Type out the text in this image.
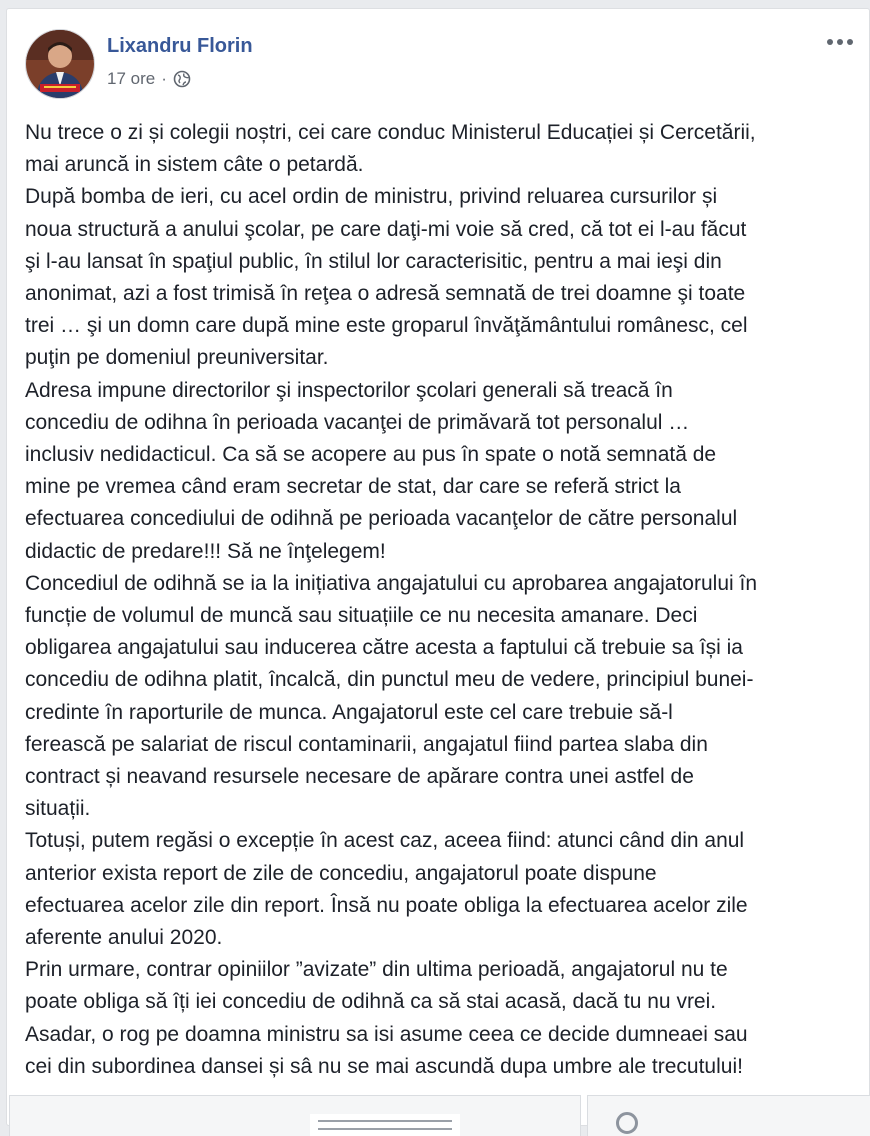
Lixandru Florin
17 ore ·

Nu trece o zi și colegii noștri, cei care conduc Ministerul Educației și Cercetării,

mai aruncă in sistem câte o petardă.

După bomba de ieri, cu acel ordin de ministru, privind reluarea cursurilor și

noua structură a anului şcolar, pe care daţi-mi voie să cred, că tot ei l-au făcut

şi l-au lansat în spaţiul public, în stilul lor caracterisitic, pentru a mai ieşi din

anonimat, azi a fost trimisă în reţea o adresă semnată de trei doamne şi toate

trei … şi un domn care după mine este groparul învăţământului românesc, cel

puţin pe domeniul preuniversitar.

Adresa impune directorilor şi inspectorilor şcolari generali să treacă în

concediu de odihna în perioada vacanţei de primăvară tot personalul …

inclusiv nedidacticul. Ca să se acopere au pus în spate o notă semnată de

mine pe vremea când eram secretar de stat, dar care se referă strict la

efectuarea concediului de odihnă pe perioada vacanţelor de către personalul

didactic de predare!!! Să ne înţelegem!

Concediul de odihnă se ia la inițiativa angajatului cu aprobarea angajatorului în

funcție de volumul de muncă sau situațiile ce nu necesita amanare. Deci

obligarea angajatului sau inducerea către acesta a faptului că trebuie sa își ia

concediu de odihna platit, încalcă, din punctul meu de vedere, principiul bunei-

credinte în raporturile de munca. Angajatorul este cel care trebuie să-l

ferească pe salariat de riscul contaminarii, angajatul fiind partea slaba din

contract și neavand resursele necesare de apărare contra unei astfel de

situații.

Totuși, putem regăsi o excepție în acest caz, aceea fiind: atunci când din anul

anterior exista report de zile de concediu, angajatorul poate dispune

efectuarea acelor zile din report. Însă nu poate obliga la efectuarea acelor zile

aferente anului 2020.

Prin urmare, contrar opiniilor ”avizate” din ultima perioadă, angajatorul nu te

poate obliga să îți iei concediu de odihnă ca să stai acasă, dacă tu nu vrei.

Asadar, o rog pe doamna ministru sa isi asume ceea ce decide dumneaei sau

cei din subordinea dansei și sâ nu se mai ascundă dupa umbre ale trecutului!
